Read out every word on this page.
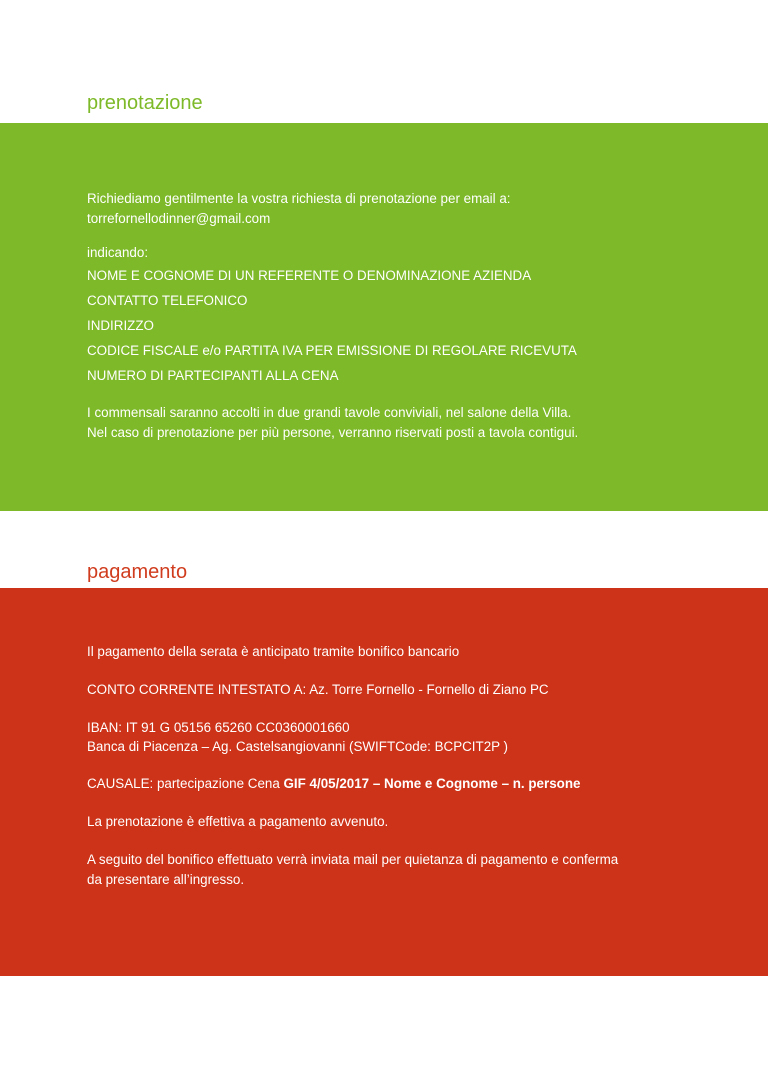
prenotazione
Richiediamo gentilmente la vostra richiesta di prenotazione per email a:
torrefornellodinner@gmail.com
indicando:
NOME E COGNOME DI UN REFERENTE O DENOMINAZIONE AZIENDA
CONTATTO TELEFONICO
INDIRIZZO
CODICE FISCALE e/o PARTITA IVA PER EMISSIONE DI REGOLARE RICEVUTA
NUMERO DI PARTECIPANTI ALLA CENA
I commensali saranno accolti in due grandi tavole conviviali, nel salone della Villa.
Nel caso di prenotazione per più persone, verranno riservati posti a tavola contigui.
pagamento
Il pagamento della serata è anticipato tramite bonifico bancario
CONTO CORRENTE INTESTATO A: Az. Torre Fornello - Fornello di Ziano PC
IBAN: IT 91 G 05156 65260 CC0360001660
Banca di Piacenza – Ag. Castelsangiovanni (SWIFTCode: BCPCIT2P )
CAUSALE: partecipazione Cena GIF 4/05/2017 – Nome e Cognome – n. persone
La prenotazione è effettiva a pagamento avvenuto.
A seguito del bonifico effettuato verrà inviata mail per quietanza di pagamento e conferma
da presentare all’ingresso.
